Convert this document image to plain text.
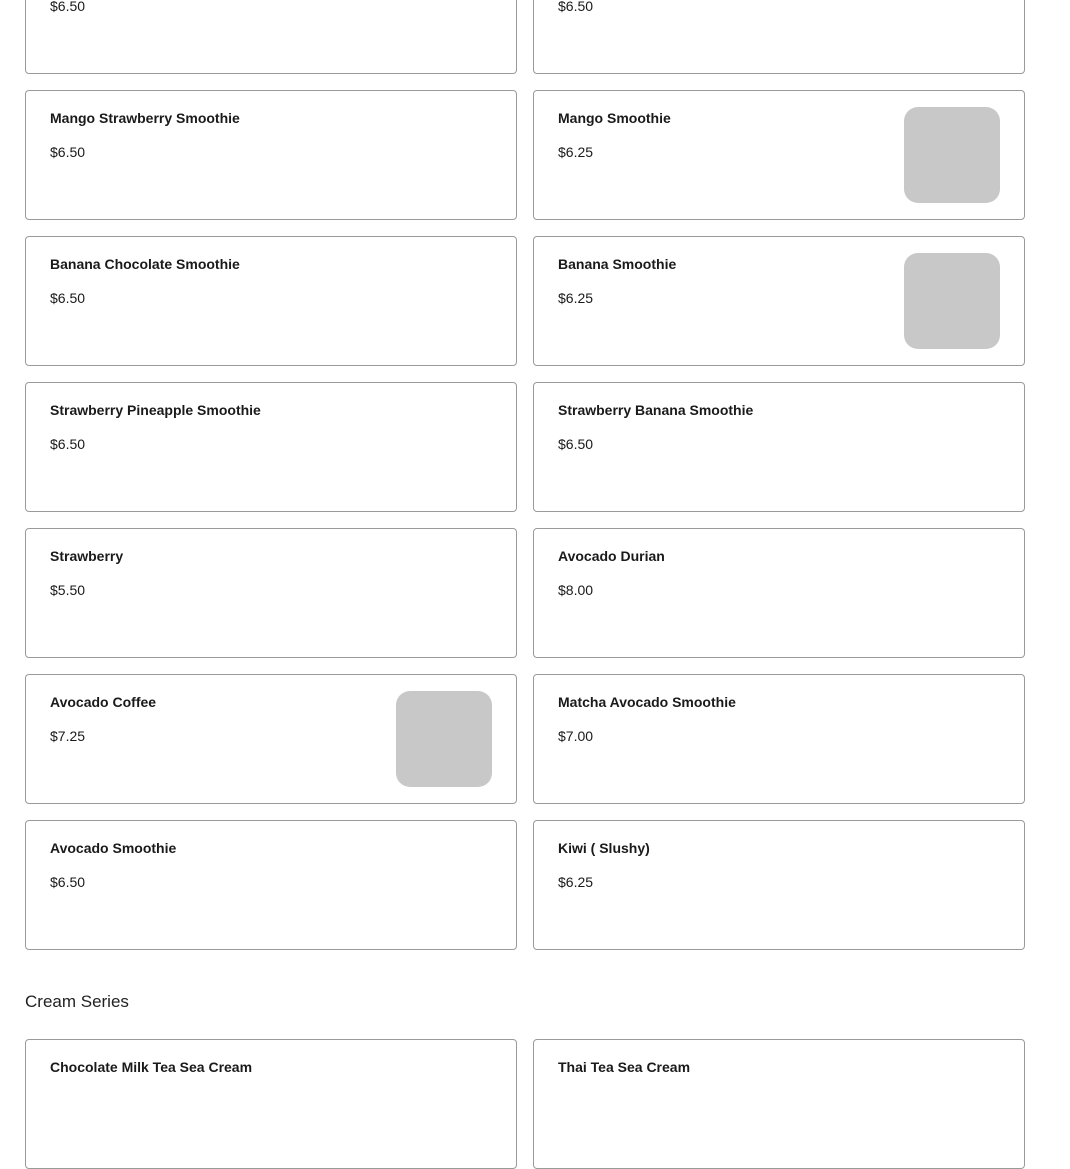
$6.50	$6.50
Mango Strawberry Smoothie
$6.50
Mango Smoothie
$6.25
Banana Chocolate Smoothie
$6.50
Banana Smoothie
$6.25
Strawberry Pineapple Smoothie
$6.50
Strawberry Banana Smoothie
$6.50
Strawberry
$5.50
Avocado Durian
$8.00
Avocado Coffee
$7.25
Matcha Avocado Smoothie
$7.00
Avocado Smoothie
$6.50
Kiwi ( Slushy)
$6.25
Cream Series
Chocolate Milk Tea Sea Cream	Thai Tea Sea Cream
